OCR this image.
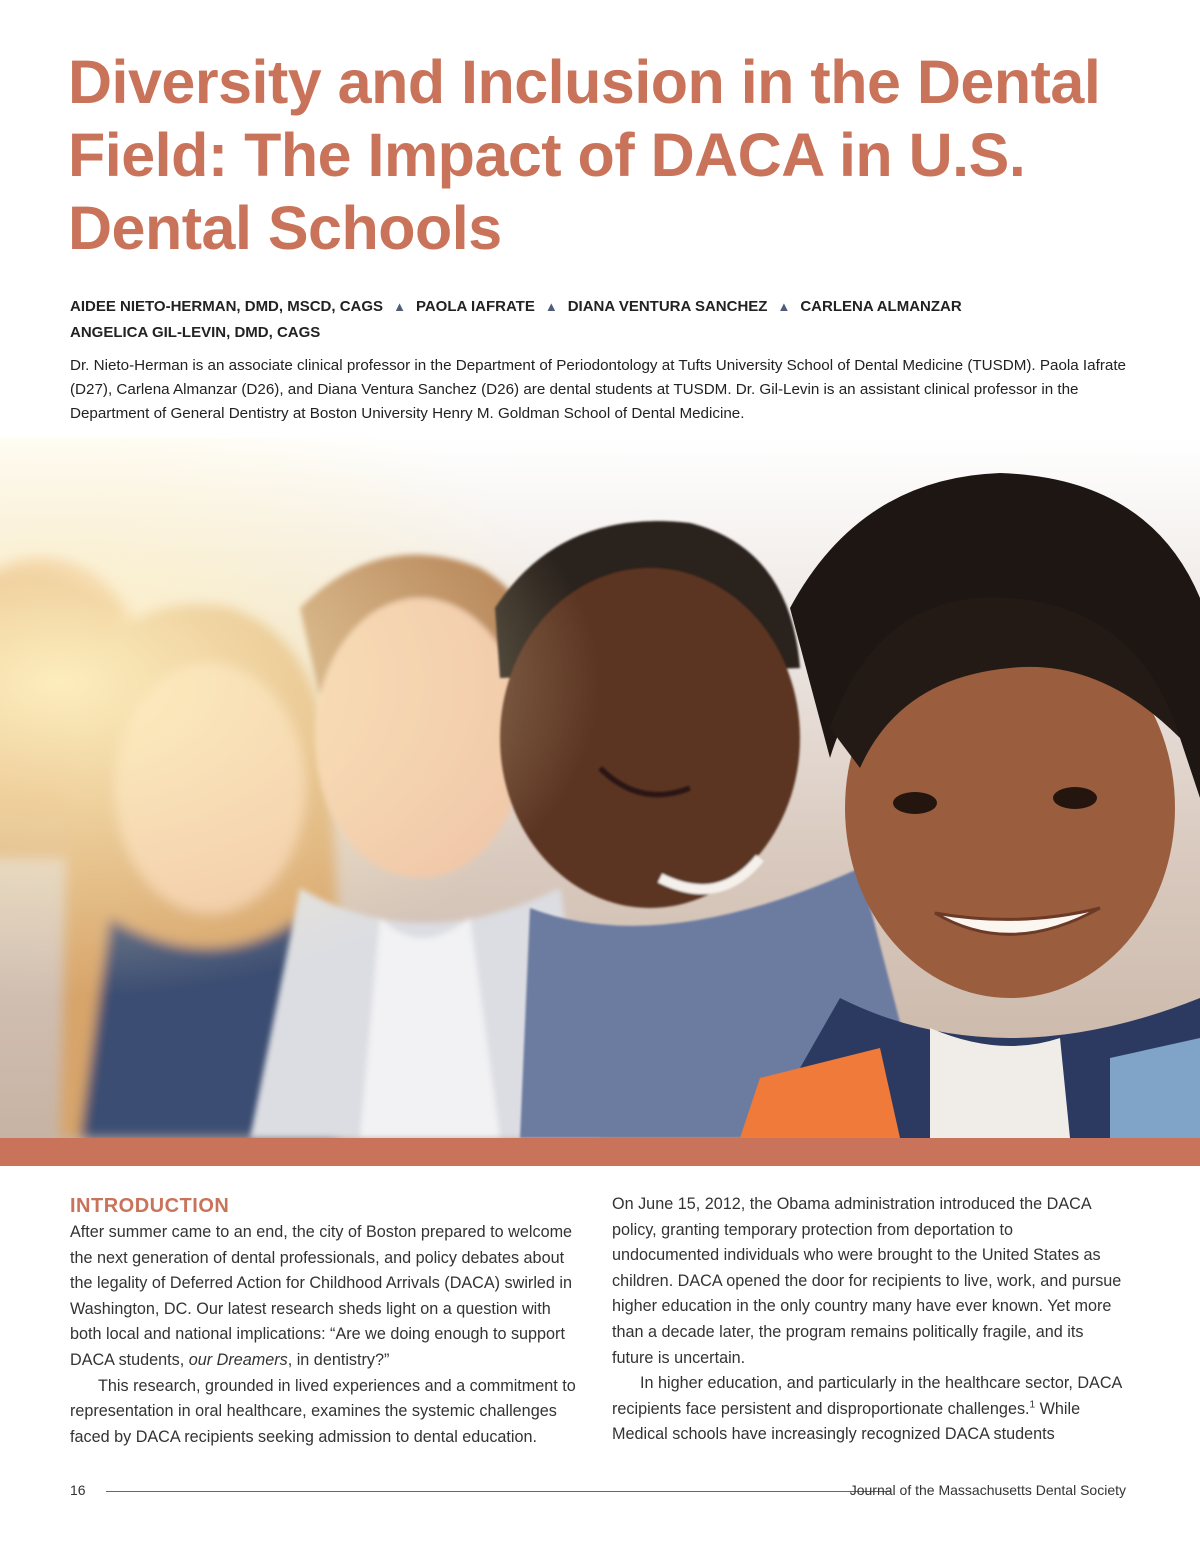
Diversity and Inclusion in the Dental Field: The Impact of DACA in U.S. Dental Schools
AIDEE NIETO-HERMAN, DMD, MSCD, CAGS ▲ PAOLA IAFRATE ▲ DIANA VENTURA SANCHEZ ▲ CARLENA ALMANZAR
ANGELICA GIL-LEVIN, DMD, CAGS
Dr. Nieto-Herman is an associate clinical professor in the Department of Periodontology at Tufts University School of Dental Medicine (TUSDM). Paola Iafrate (D27), Carlena Almanzar (D26), and Diana Ventura Sanchez (D26) are dental students at TUSDM. Dr. Gil-Levin is an assistant clinical professor in the Department of General Dentistry at Boston University Henry M. Goldman School of Dental Medicine.
INTRODUCTION

After summer came to an end, the city of Boston prepared to welcome the next generation of dental professionals, and policy debates about the legality of Deferred Action for Childhood Arrivals (DACA) swirled in Washington, DC. Our latest research sheds light on a question with both local and national implications: “Are we doing enough to support DACA students, our Dreamers, in dentistry?”

This research, grounded in lived experiences and a commitment to representation in oral healthcare, examines the systemic challenges faced by DACA recipients seeking admission to dental education.

On June 15, 2012, the Obama administration introduced the DACA policy, granting temporary protection from deportation to undocumented individuals who were brought to the United States as children. DACA opened the door for recipients to live, work, and pursue higher education in the only country many have ever known. Yet more than a decade later, the program remains politically fragile, and its future is uncertain.

In higher education, and particularly in the healthcare sector, DACA recipients face persistent and disproportionate challenges.$^1$ While Medical schools have increasingly recognized DACA students

16	Journal of the Massachusetts Dental Society
